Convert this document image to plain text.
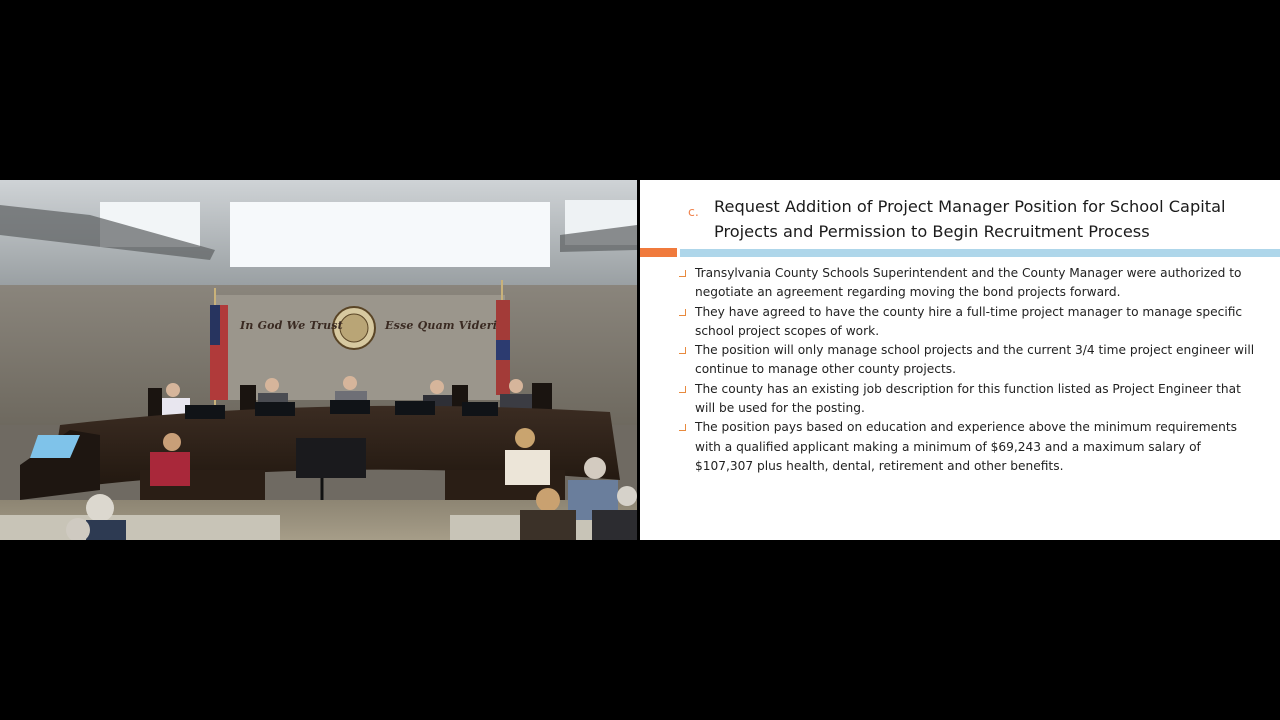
In God We Trust	Esse Quam Videri
c. Request Addition of Project Manager Position for School Capital Projects and Permission to Begin Recruitment Process
Transylvania County Schools Superintendent and the County Manager were authorized to negotiate an agreement regarding moving the bond projects forward.
They have agreed to have the county hire a full-time project manager to manage specific school project scopes of work.
The position will only manage school projects and the current 3/4 time project engineer will continue to manage other county projects.
The county has an existing job description for this function listed as Project Engineer that will be used for the posting.
The position pays based on education and experience above the minimum requirements with a qualified applicant making a minimum of $69,243 and a maximum salary of $107,307 plus health, dental, retirement and other benefits.
